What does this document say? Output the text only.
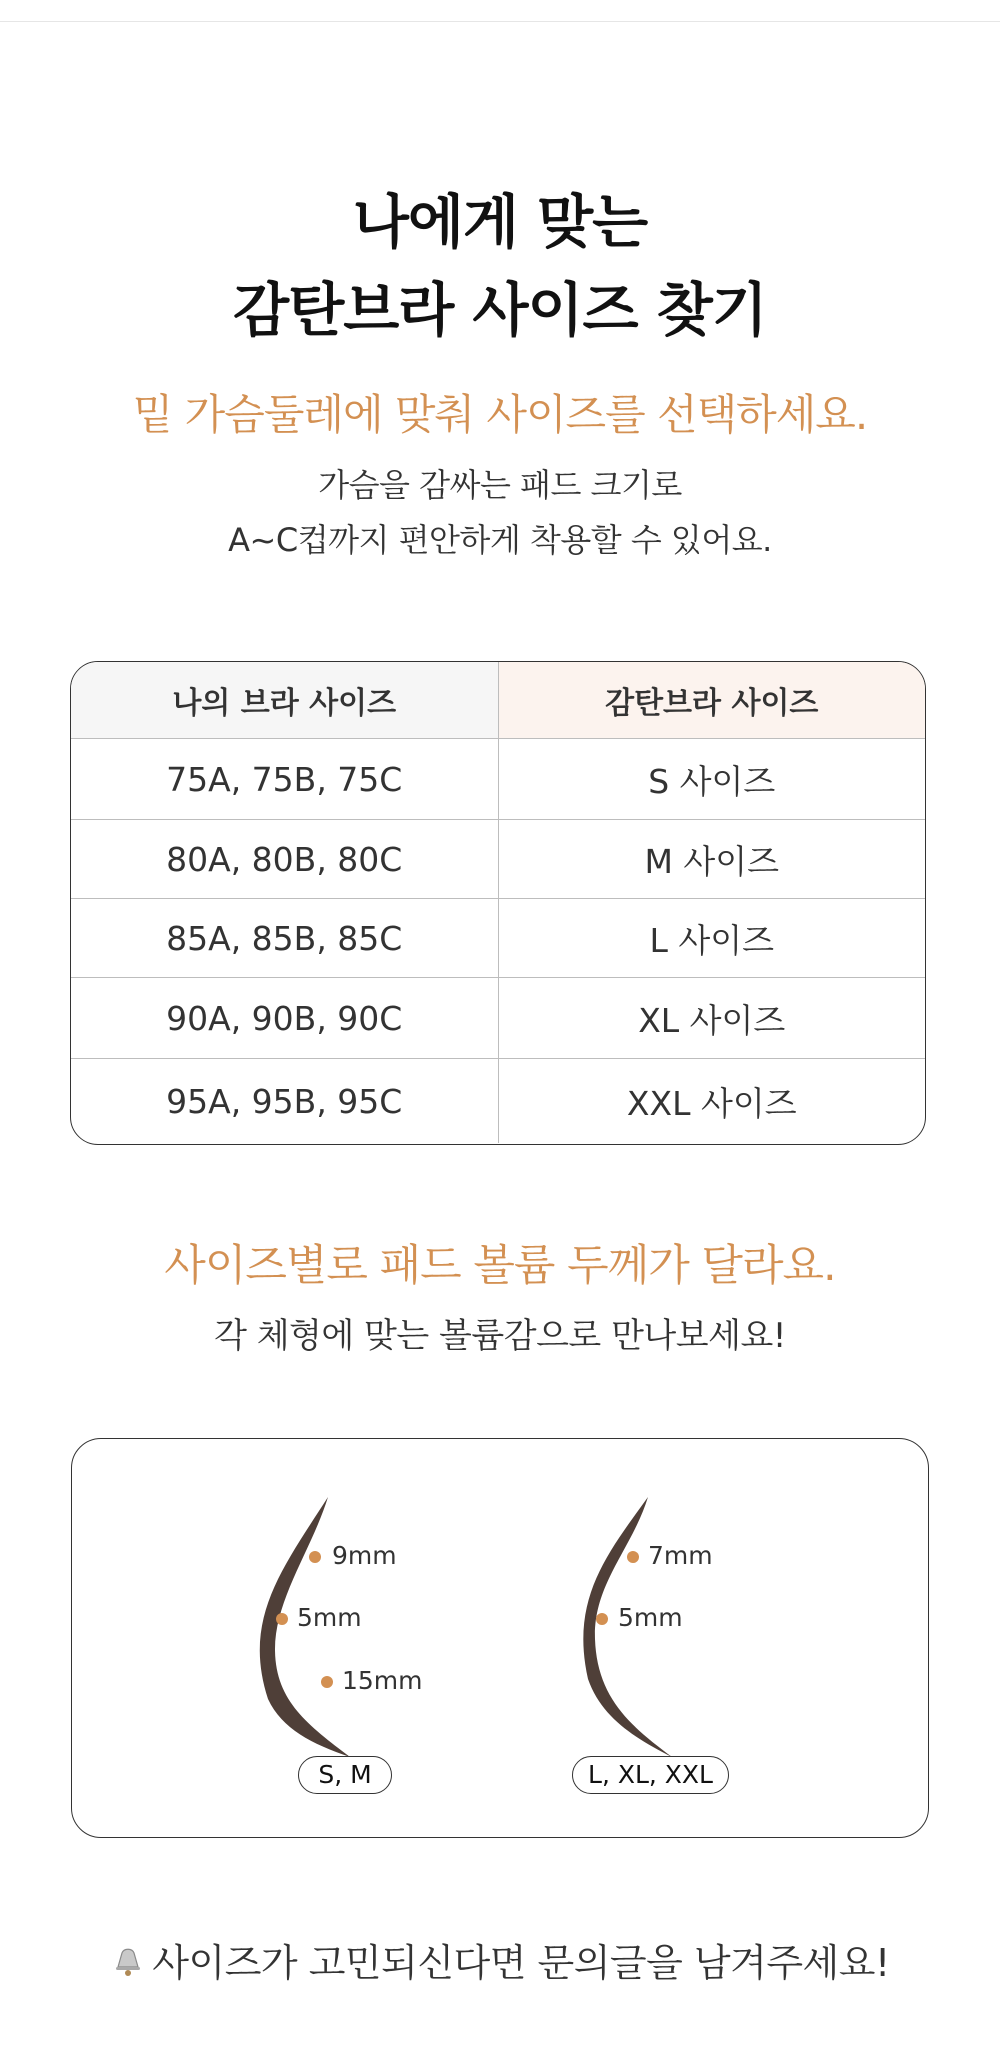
나에게 맞는
감탄브라 사이즈 찾기
밑 가슴둘레에 맞춰 사이즈를 선택하세요.
가슴을 감싸는 패드 크기로
A~C컵까지 편안하게 착용할 수 있어요.
나의 브라 사이즈	감탄브라 사이즈
75A, 75B, 75C	S 사이즈
80A, 80B, 80C	M 사이즈
85A, 85B, 85C	L 사이즈
90A, 90B, 90C	XL 사이즈
95A, 95B, 95C	XXL 사이즈
사이즈별로 패드 볼륨 두께가 달라요.
각 체형에 맞는 볼륨감으로 만나보세요!
9mm
5mm
15mm
7mm
5mm
S, M	L, XL, XXL
사이즈가 고민되신다면 문의글을 남겨주세요!
